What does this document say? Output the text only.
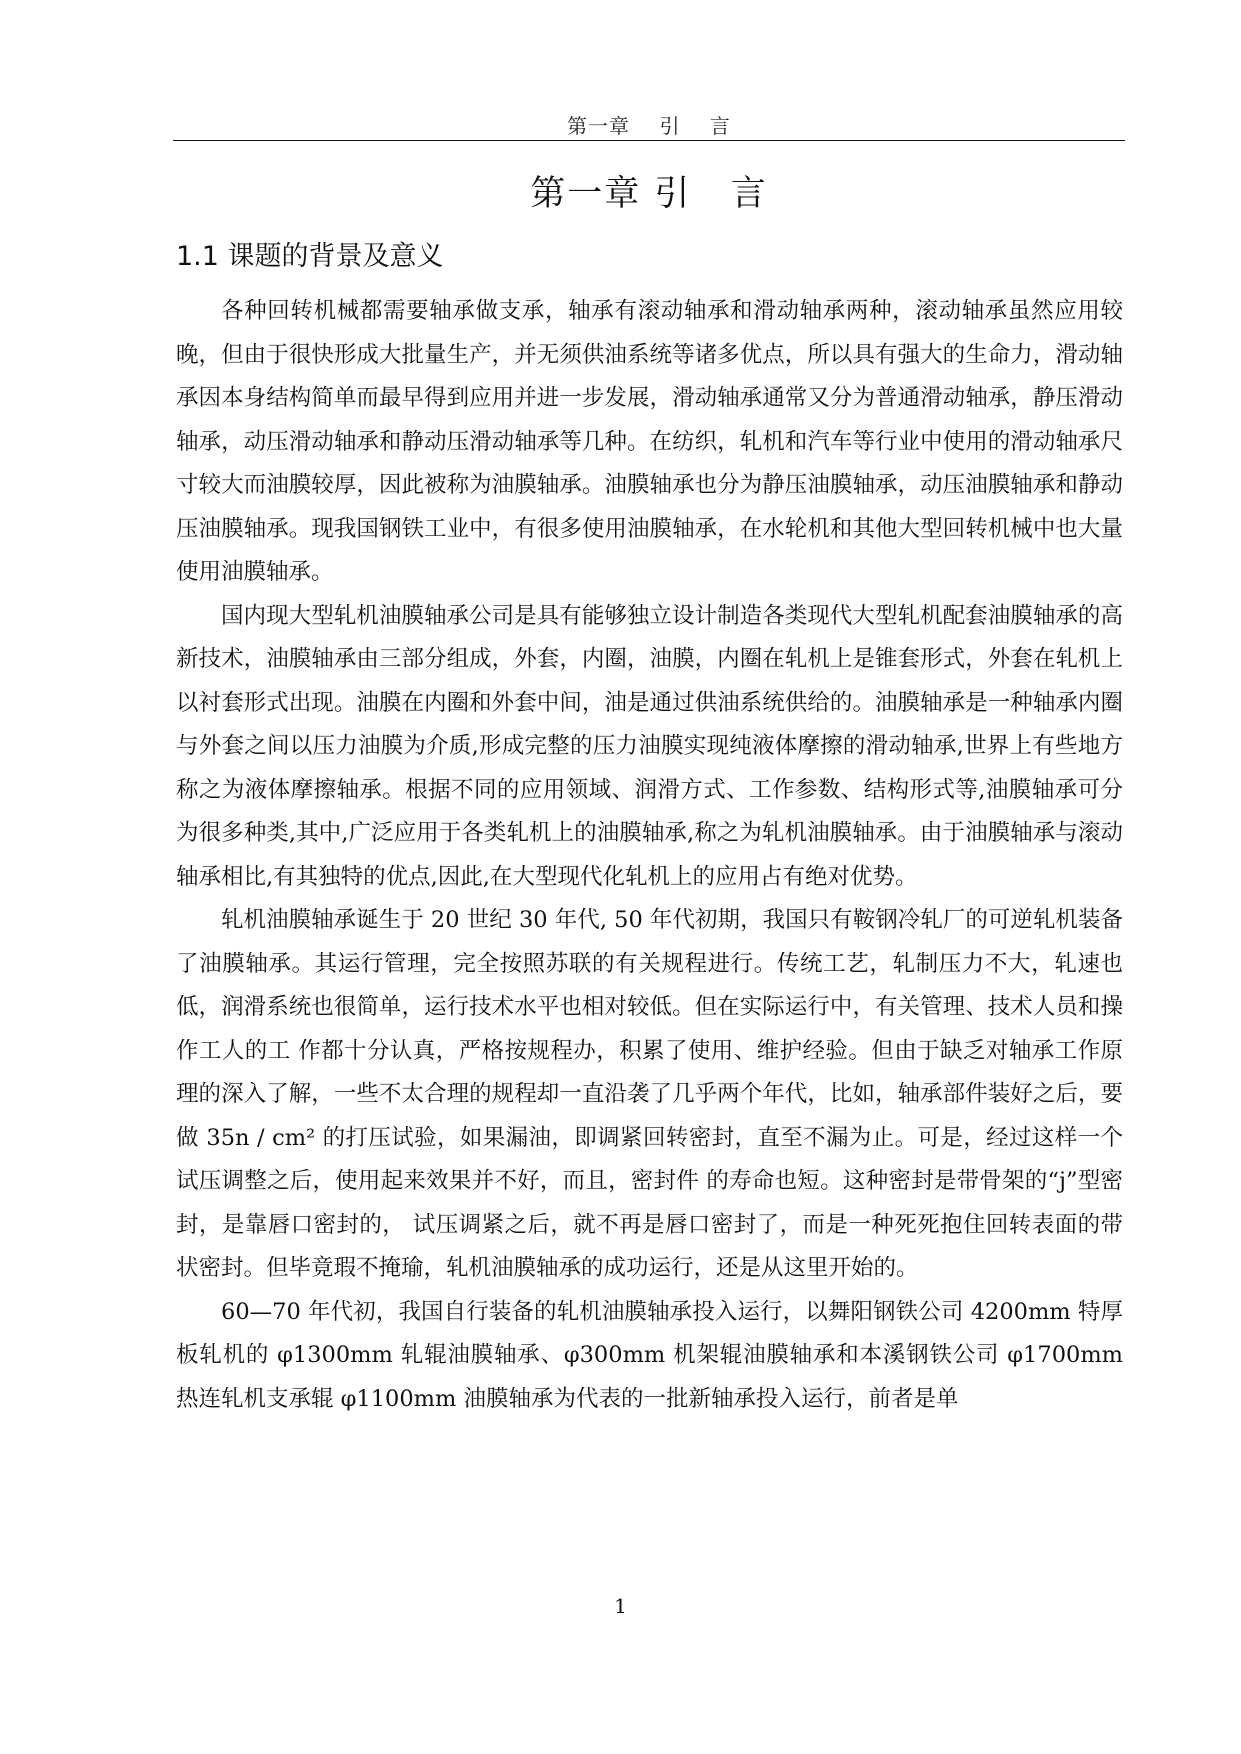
第一章    引    言
第一章 引   言
1.1 课题的背景及意义

各种回转机械都需要轴承做支承，轴承有滚动轴承和滑动轴承两种，滚动轴承虽然应用较晚，但由于很快形成大批量生产，并无须供油系统等诸多优点，所以具有强大的生命力，滑动轴承因本身结构简单而最早得到应用并进一步发展，滑动轴承通常又分为普通滑动轴承，静压滑动轴承，动压滑动轴承和静动压滑动轴承等几种。在纺织，轧机和汽车等行业中使用的滑动轴承尺寸较大而油膜较厚，因此被称为油膜轴承。油膜轴承也分为静压油膜轴承，动压油膜轴承和静动压油膜轴承。现我国钢铁工业中，有很多使用油膜轴承，在水轮机和其他大型回转机械中也大量使用油膜轴承。

国内现大型轧机油膜轴承公司是具有能够独立设计制造各类现代大型轧机配套油膜轴承的高新技术，油膜轴承由三部分组成，外套，内圈，油膜，内圈在轧机上是锥套形式，外套在轧机上以衬套形式出现。油膜在内圈和外套中间，油是通过供油系统供给的。油膜轴承是一种轴承内圈与外套之间以压力油膜为介质,形成完整的压力油膜实现纯液体摩擦的滑动轴承,世界上有些地方称之为液体摩擦轴承。根据不同的应用领域、润滑方式、工作参数、结构形式等,油膜轴承可分为很多种类,其中,广泛应用于各类轧机上的油膜轴承,称之为轧机油膜轴承。由于油膜轴承与滚动轴承相比,有其独特的优点,因此,在大型现代化轧机上的应用占有绝对优势。

轧机油膜轴承诞生于 20 世纪 30 年代, 50 年代初期，我国只有鞍钢冷轧厂的可逆轧机装备了油膜轴承。其运行管理，完全按照苏联的有关规程进行。传统工艺，轧制压力不大，轧速也低，润滑系统也很简单，运行技术水平也相对较低。但在实际运行中，有关管理、技术人员和操作工人的工 作都十分认真，严格按规程办，积累了使用、维护经验。但由于缺乏对轴承工作原理的深入了解，一些不太合理的规程却一直沿袭了几乎两个年代，比如，轴承部件装好之后，要做 35n / cm² 的打压试验，如果漏油，即调紧回转密封，直至不漏为止。可是，经过这样一个试压调整之后，使用起来效果并不好，而且，密封件 的寿命也短。这种密封是带骨架的“j”型密封，是靠唇口密封的， 试压调紧之后，就不再是唇口密封了，而是一种死死抱住回转表面的带状密封。但毕竟瑕不掩瑜，轧机油膜轴承的成功运行，还是从这里开始的。

60—70 年代初，我国自行装备的轧机油膜轴承投入运行，以舞阳钢铁公司 4200mm 特厚板轧机的 φ1300mm 轧辊油膜轴承、φ300mm 机架辊油膜轴承和本溪钢铁公司 φ1700mm 热连轧机支承辊 φ1100mm 油膜轴承为代表的一批新轴承投入运行，前者是单

1
